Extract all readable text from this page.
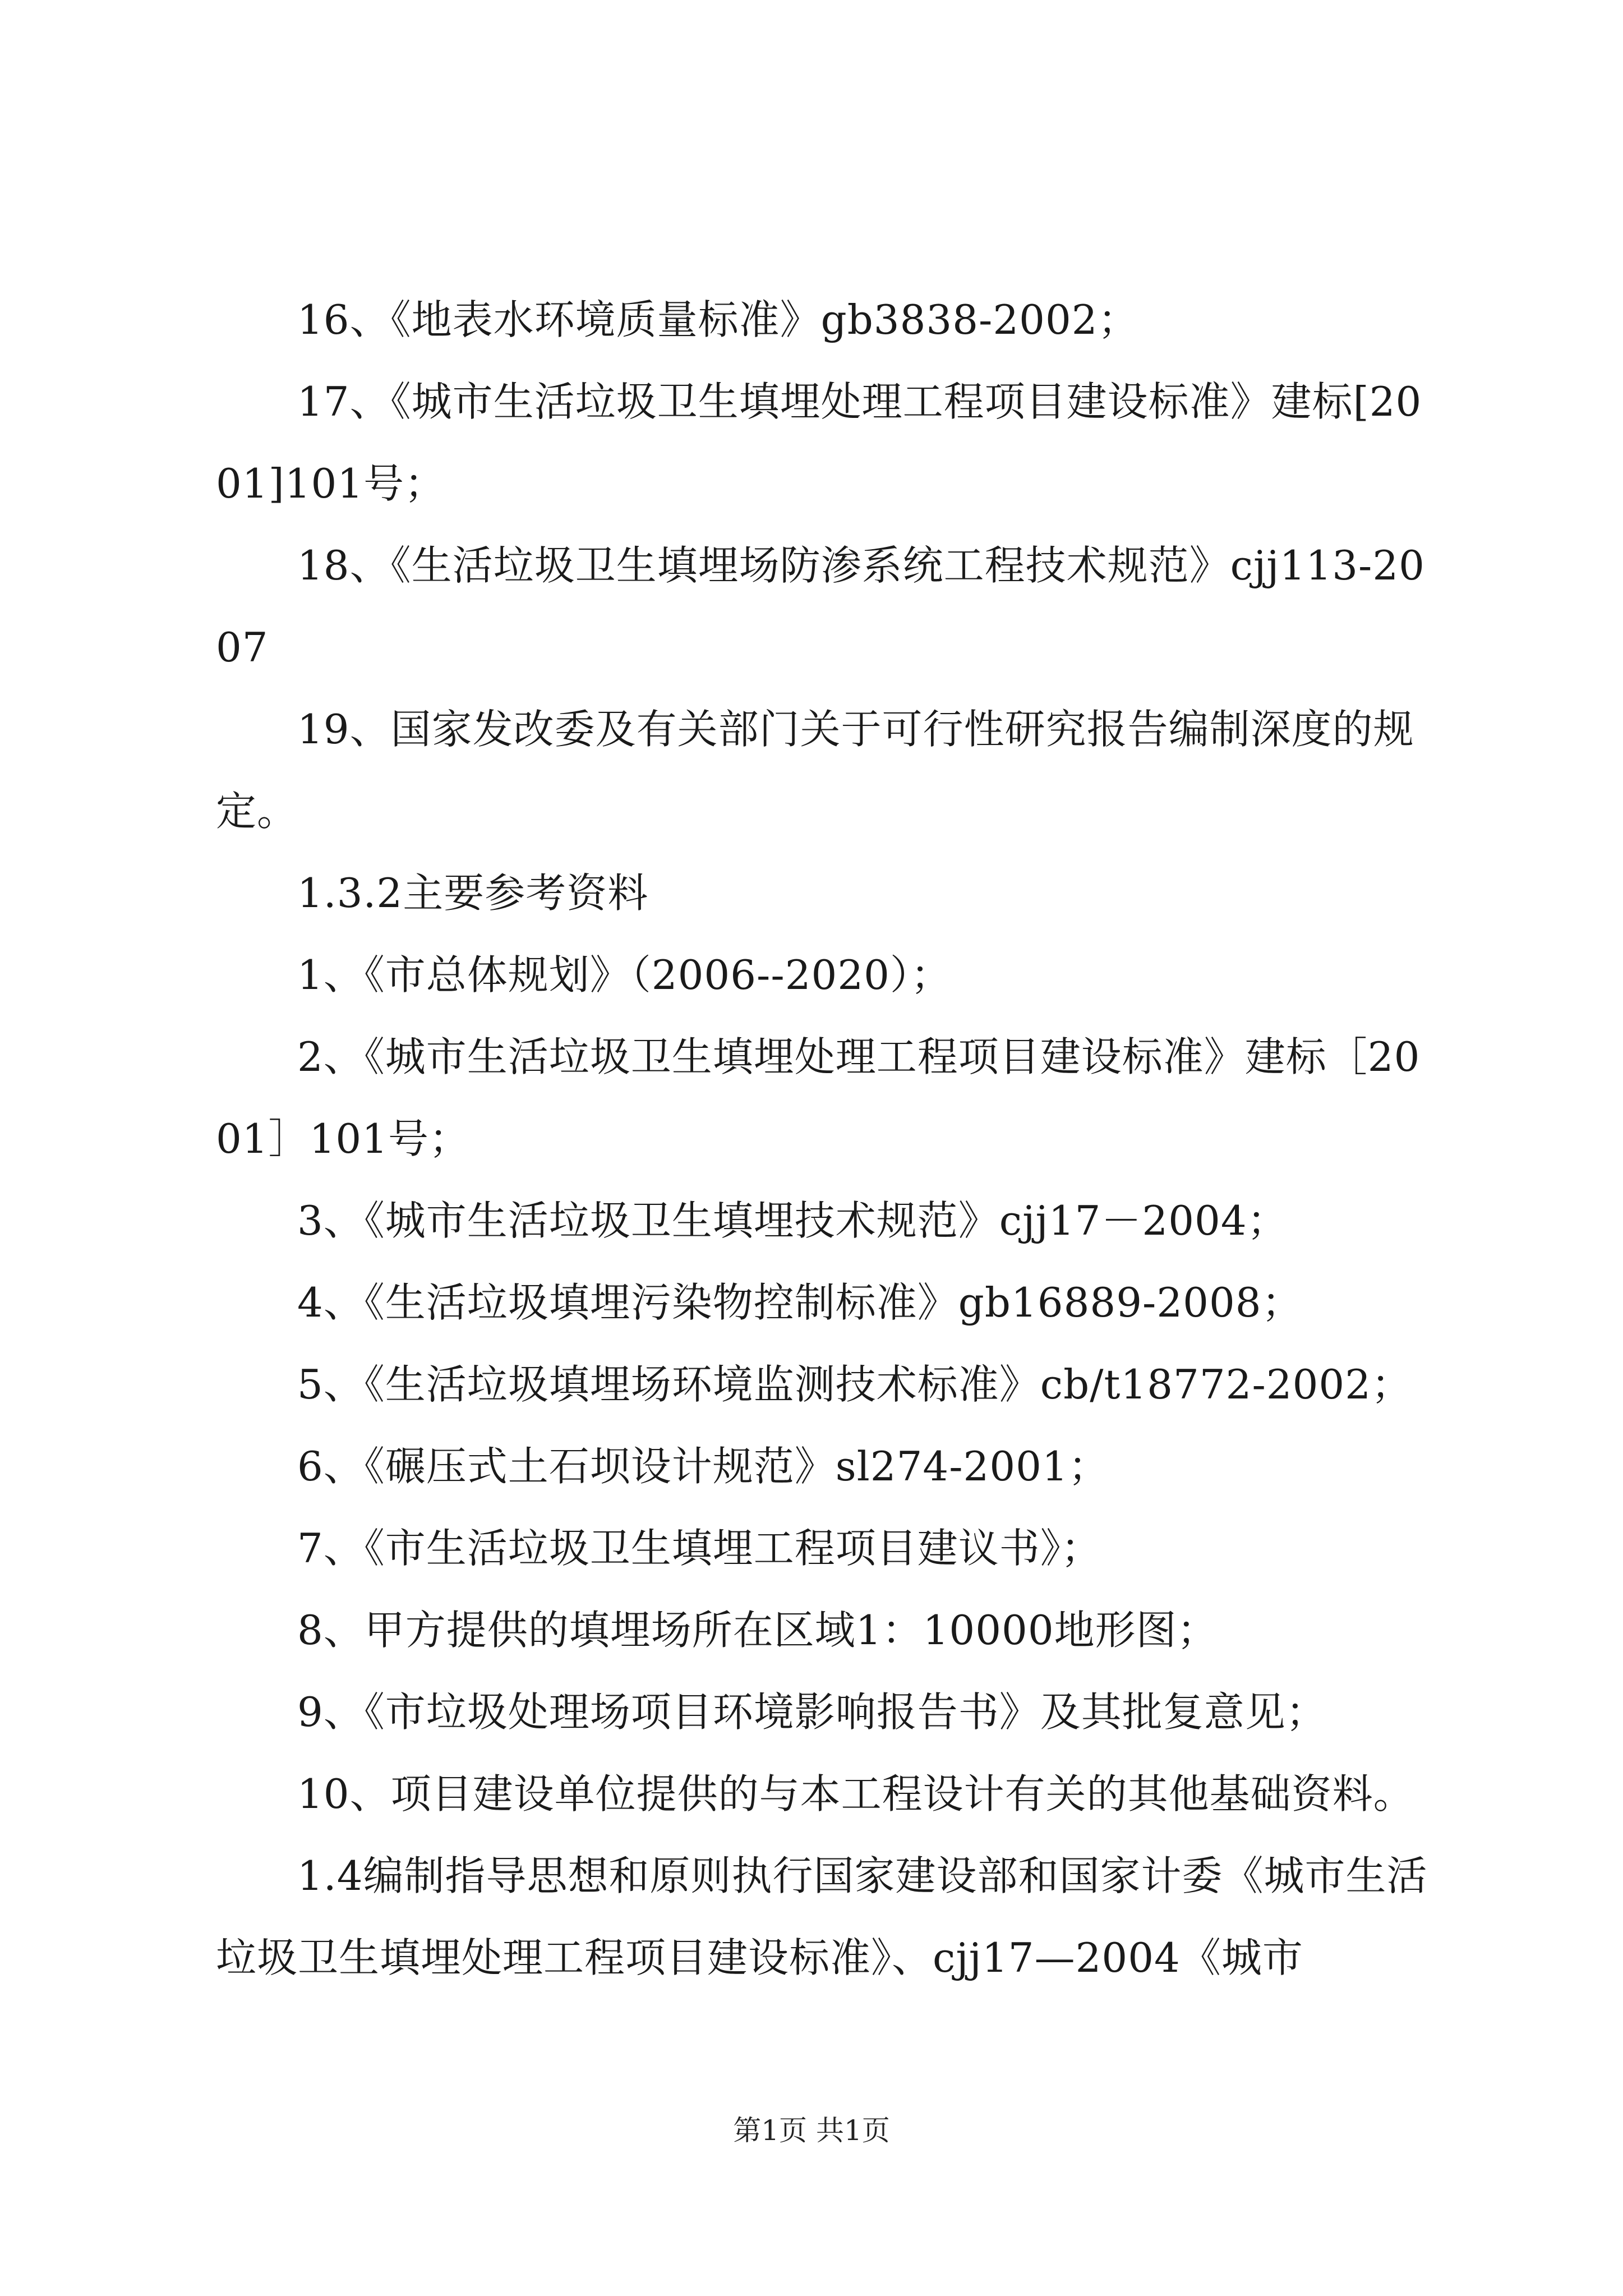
16、《地表水环境质量标准》gb3838-2002；

17、《城市生活垃圾卫生填埋处理工程项目建设标准》建标[2001]101号；

18、《生活垃圾卫生填埋场防渗系统工程技术规范》cjj113-2007

19、国家发改委及有关部门关于可行性研究报告编制深度的规定。

1.3.2主要参考资料

1、《市总体规划》（2006--2020）；

2、《城市生活垃圾卫生填埋处理工程项目建设标准》建标［2001］101号；

3、《城市生活垃圾卫生填埋技术规范》cjj17－2004；

4、《生活垃圾填埋污染物控制标准》gb16889-2008；

5、《生活垃圾填埋场环境监测技术标准》cb/t18772-2002；

6、《碾压式土石坝设计规范》sl274-2001；

7、《市生活垃圾卫生填埋工程项目建议书》；

8、甲方提供的填埋场所在区域1：10000地形图；

9、《市垃圾处理场项目环境影响报告书》及其批复意见；

10、项目建设单位提供的与本工程设计有关的其他基础资料。

1.4编制指导思想和原则执行国家建设部和国家计委《城市生活垃圾卫生填埋处理工程项目建设标准》、cjj17—2004《城市

第1页 共1页
